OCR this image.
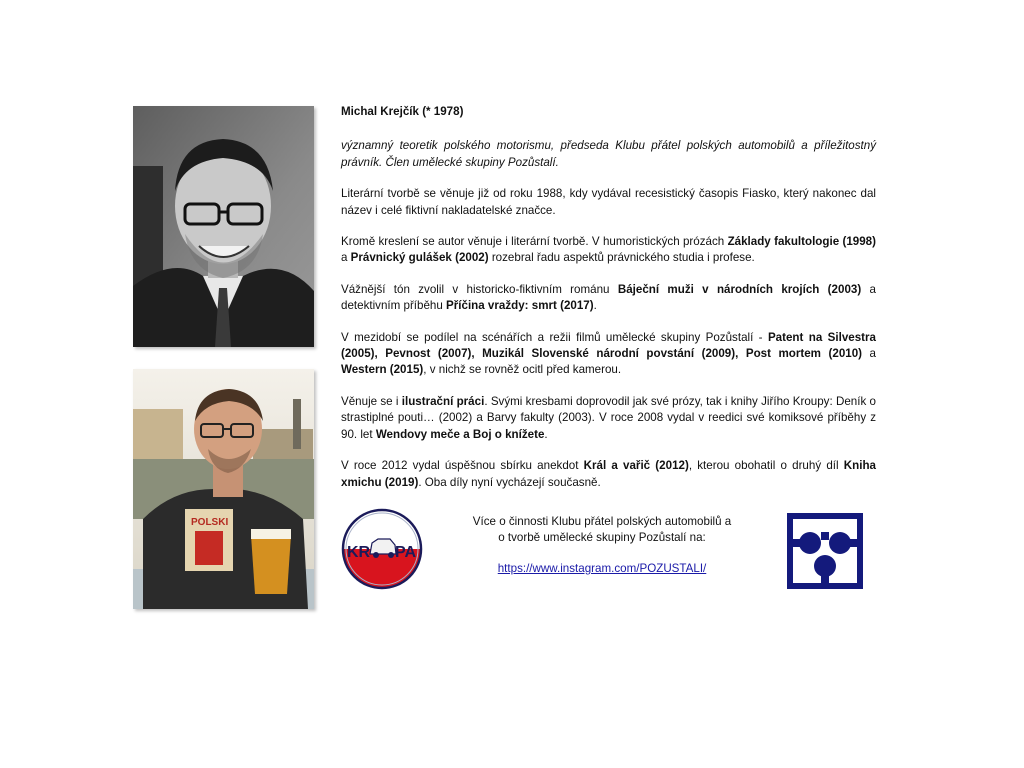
POLSKI

Michal Krejčík (* 1978)

významný teoretik polského motorismu, předseda Klubu přátel polských automobilů a příležitostný právník. Člen umělecké skupiny Pozůstalí.

Literární tvorbě se věnuje již od roku 1988, kdy vydával recesistický časopis Fiasko, který nakonec dal název i celé fiktivní nakladatelské značce.

Kromě kreslení se autor věnuje i literární tvorbě. V humoristických prózách Základy fakultologie (1998) a Právnický gulášek (2002) rozebral řadu aspektů právnického studia i profese.

Vážnější tón zvolil v historicko-fiktivním románu Báječní muži v národních krojích (2003) a detektivním příběhu Příčina vraždy: smrt (2017).

V mezidobí se podílel na scénářích a režii filmů umělecké skupiny Pozůstalí - Patent na Silvestra (2005), Pevnost (2007), Muzikál Slovenské národní povstání (2009), Post mortem (2010) a Western (2015), v nichž se rovněž ocitl před kamerou.

Věnuje se i ilustrační práci. Svými kresbami doprovodil jak své prózy, tak i knihy Jiřího Kroupy: Deník o strastiplné pouti… (2002) a Barvy fakulty (2003). V roce 2008 vydal v reedici své komiksové příběhy z 90. let Wendovy meče a Boj o knížete.

V roce 2012 vydal úspěšnou sbírku anekdot Král a vařič (2012), kterou obohatil o druhý díl Kniha xmichu (2019). Oba díly nyní vycházejí současně.

KR PA
Více o činnosti Klubu přátel polských automobilů a
o tvorbě umělecké skupiny Pozůstalí na:
https://www.instagram.com/POZUSTALI/
